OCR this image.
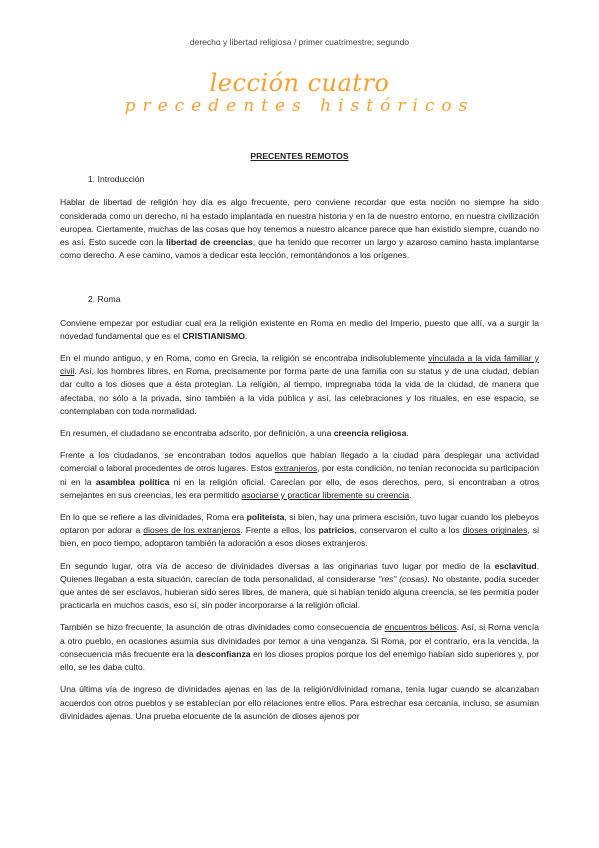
derecho y libertad religiosa / primer cuatrimestre; segundo
lección cuatro
precedentes históricos
PRECENTES REMOTOS
1. Introducción

Hablar de libertad de religión hoy día es algo frecuente, pero conviene recordar que esta noción no siempre ha sido considerada como un derecho, ni ha estado implantada en nuestra historia y en la de nuestro entorno, en nuestra civilización europea. Ciertamente, muchas de las cosas que hoy tenemos a nuestro alcance parece que han existido siempre, cuando no es así. Esto sucede con la libertad de creencias, que ha tenido que recorrer un largo y azaroso camino hasta implantarse como derecho. A ese camino, vamos a dedicar esta lección, remontándonos a los orígenes.

2. Roma

Conviene empezar por estudiar cual era la religión existente en Roma en medio del Imperio, puesto que allí, va a surgir la novedad fundamental que es el CRISTIANISMO.

En el mundo antiguo, y en Roma, como en Grecia, la religión se encontraba indisolublemente vinculada a la vida familiar y civil. Así, los hombres libres, en Roma, precisamente por forma parte de una familia con su status y de una ciudad, debían dar culto a los dioses que a ésta protegían. La religión, al tiempo, impregnaba toda la vida de la ciudad, de manera que afectaba, no sólo a la privada, sino también a la vida pública y así, las celebraciones y los rituales, en ese espacio, se contemplaban con toda normalidad.

En resumen, el ciudadano se encontraba adscrito, por definición, a una creencia religiosa.

Frente a los ciudadanos, se encontraban todos aquellos que habían llegado a la ciudad para desplegar una actividad comercial o laboral procedentes de otros lugares. Estos extranjeros, por esta condición, no tenían reconocida su participación ni en la asamblea política ni en la religión oficial. Carecían por ello, de esos derechos, pero, si encontraban a otros semejantes en sus creencias, les era permitido asociarse y practicar libremente su creencia.

En lo que se refiere a las divinidades, Roma era politeísta, si bien, hay una primera escisión, tuvo lugar cuando los plebeyos optaron por adorar a dioses de los extranjeros. Frente a ellos, los patricios, conservaron el culto a los dioses originales, si bien, en poco tiempo, adoptaron también la adoración a esos dioses extranjeros.

En segundo lugar, otra vía de acceso de divinidades diversas a las originarias tuvo lugar por medio de la esclavitud. Quienes llegaban a esta situación, carecían de toda personalidad, al considerarse "res" (cosas). No obstante, podía suceder que antes de ser esclavos, hubieran sido seres libres, de manera, que si habían tenido alguna creencia, se les permitía poder practicarla en muchos casos, eso sí, sin poder incorporarse a la religión oficial.

También se hizo frecuente, la asunción de otras divinidades como consecuencia de encuentros bélicos. Así, si Roma vencía a otro pueblo, en ocasiones asumía sus divinidades por temor a una venganza. Si Roma, por el contrario, era la vencida, la consecuencia más frecuente era la desconfianza en los dioses propios porque los del enemigo habían sido superiores y, por ello, se les daba culto.

Una última vía de ingreso de divinidades ajenas en las de la religión/divinidad romana, tenía lugar cuando se alcanzaban acuerdos con otros pueblos y se establecían por ello relaciones entre ellos. Para estrechar esa cercanía, incluso, se asumían divinidades ajenas. Una prueba elocuente de la asunción de dioses ajenos por
